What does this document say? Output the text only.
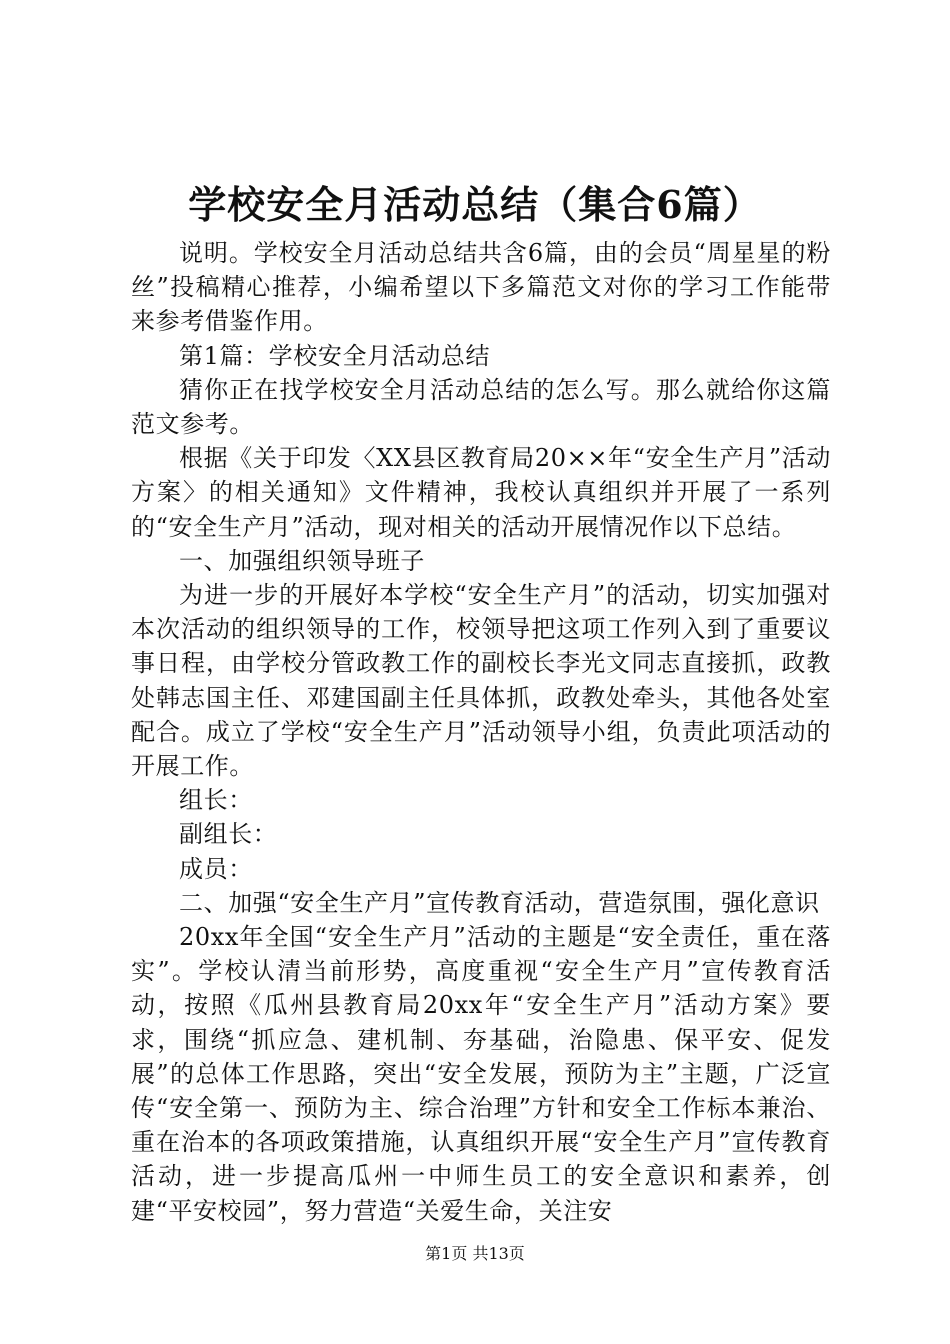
学校安全月活动总结（集合6篇）

说明。学校安全月活动总结共含6篇，由的会员“周星星的粉丝”投稿精心推荐，小编希望以下多篇范文对你的学习工作能带来参考借鉴作用。

第1篇：学校安全月活动总结

猜你正在找学校安全月活动总结的怎么写。那么就给你这篇范文参考。

根据《关于印发〈XX县区教育局20××年“安全生产月”活动方案〉的相关通知》文件精神，我校认真组织并开展了一系列的“安全生产月”活动，现对相关的活动开展情况作以下总结。

一、加强组织领导班子

为进一步的开展好本学校“安全生产月”的活动，切实加强对本次活动的组织领导的工作，校领导把这项工作列入到了重要议事日程，由学校分管政教工作的副校长李光文同志直接抓，政教处韩志国主任、邓建国副主任具体抓，政教处牵头，其他各处室配合。成立了学校“安全生产月”活动领导小组，负责此项活动的开展工作。

组长：

副组长：

成员：

二、加强“安全生产月”宣传教育活动，营造氛围，强化意识

20xx年全国“安全生产月”活动的主题是“安全责任，重在落实”。学校认清当前形势，高度重视“安全生产月”宣传教育活动，按照《瓜州县教育局20xx年“安全生产月”活动方案》要求，围绕“抓应急、建机制、夯基础，治隐患、保平安、促发展”的总体工作思路，突出“安全发展，预防为主”主题，广泛宣传“安全第一、预防为主、综合治理”方针和安全工作标本兼治、重在治本的各项政策措施，认真组织开展“安全生产月”宣传教育活动，进一步提高瓜州一中师生员工的安全意识和素养，创建“平安校园”，努力营造“关爱生命，关注安

第1页 共13页
